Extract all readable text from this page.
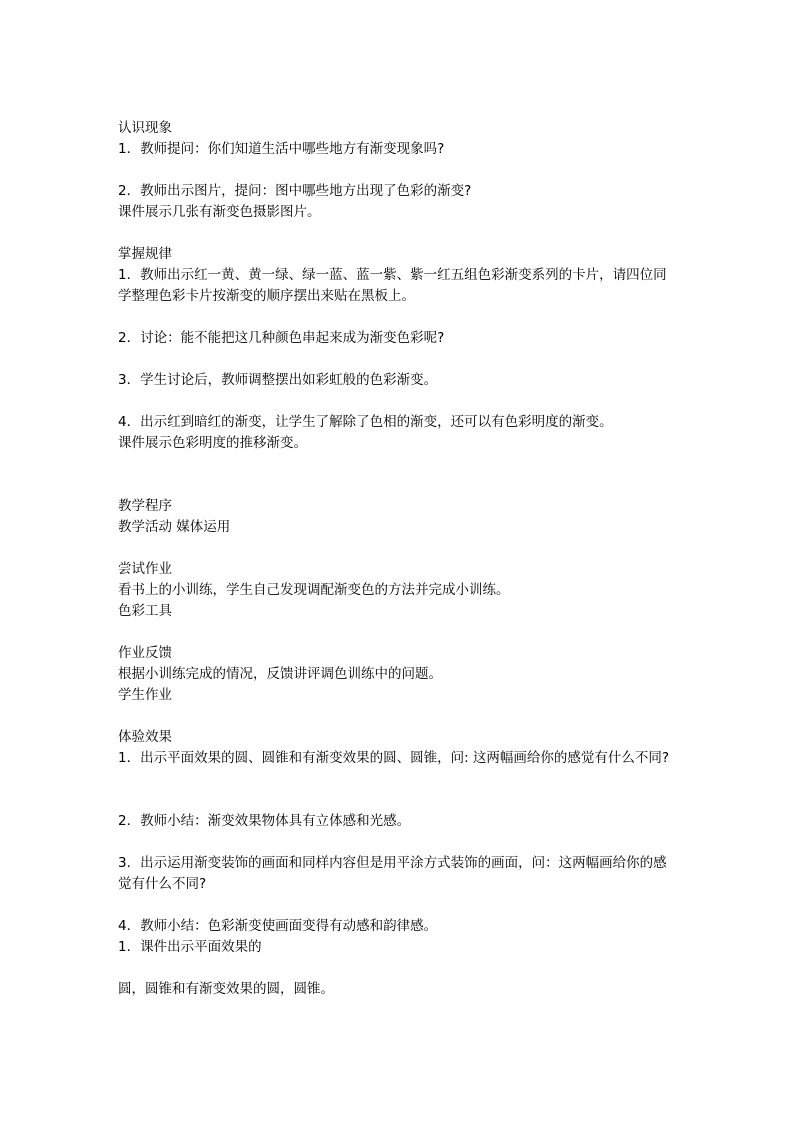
认识现象
1．教师提问：你们知道生活中哪些地方有渐变现象吗?
2．教师出示图片，提问：图中哪些地方出现了色彩的渐变?
课件展示几张有渐变色摄影图片。
掌握规律
1．教师出示红一黄、黄一绿、绿一蓝、蓝一紫、紫一红五组色彩渐变系列的卡片，请四位同学整理色彩卡片按渐变的顺序摆出来贴在黑板上。
2．讨论：能不能把这几种颜色串起来成为渐变色彩呢?
3．学生讨论后，教师调整摆出如彩虹般的色彩渐变。
4．出示红到暗红的渐变，让学生了解除了色相的渐变，还可以有色彩明度的渐变。
课件展示色彩明度的推移渐变。
教学程序
教学活动 媒体运用
尝试作业
看书上的小训练，学生自己发现调配渐变色的方法并完成小训练。
色彩工具
作业反馈
根据小训练完成的情况，反馈讲评调色训练中的问题。
学生作业
体验效果
1．出示平面效果的圆、圆锥和有渐变效果的圆、圆锥，问: 这两幅画给你的感觉有什么不同?
2．教师小结：渐变效果物体具有立体感和光感。
3．出示运用渐变装饰的画面和同样内容但是用平涂方式装饰的画面，问：这两幅画给你的感觉有什么不同?
4．教师小结：色彩渐变使画面变得有动感和韵律感。
1．课件出示平面效果的
圆，圆锥和有渐变效果的圆，圆锥。
